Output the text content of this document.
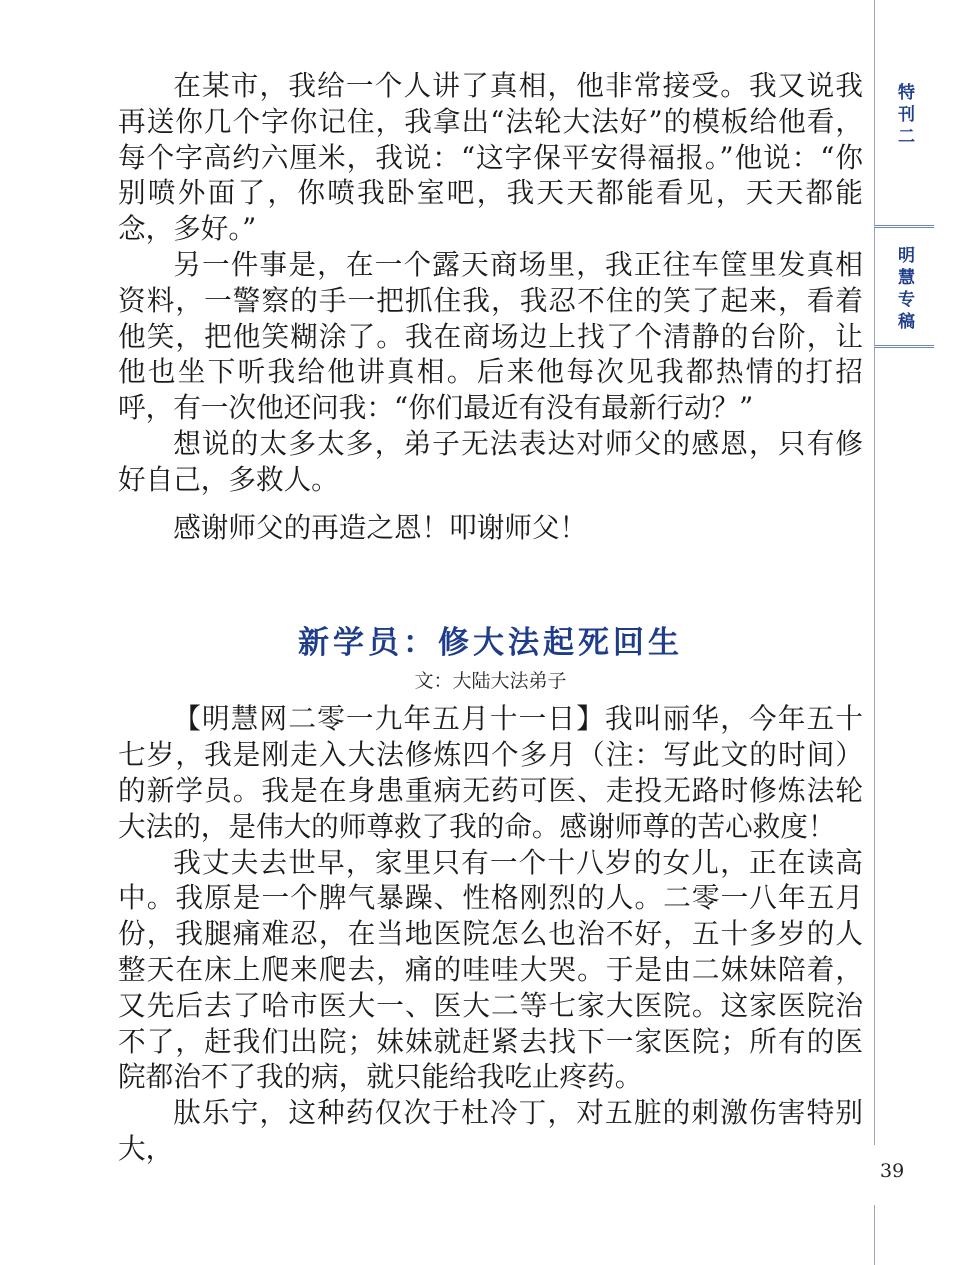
特刊二
明慧专稿
39

在某市，我给一个人讲了真相，他非常接受。我又说我再送你几个字你记住，我拿出“法轮大法好”的模板给他看，每个字高约六厘米，我说：“这字保平安得福报。”他说：“你别喷外面了，你喷我卧室吧，我天天都能看见，天天都能念，多好。”

另一件事是，在一个露天商场里，我正往车筐里发真相资料，一警察的手一把抓住我，我忍不住的笑了起来，看着他笑，把他笑糊涂了。我在商场边上找了个清静的台阶，让他也坐下听我给他讲真相。后来他每次见我都热情的打招呼，有一次他还问我：“你们最近有没有最新行动？”

想说的太多太多，弟子无法表达对师父的感恩，只有修好自己，多救人。

感谢师父的再造之恩！叩谢师父！

新学员：修大法起死回生
文：大陆大法弟子

【明慧网二零一九年五月十一日】我叫丽华，今年五十七岁，我是刚走入大法修炼四个多月（注：写此文的时间）的新学员。我是在身患重病无药可医、走投无路时修炼法轮大法的，是伟大的师尊救了我的命。感谢师尊的苦心救度！

我丈夫去世早，家里只有一个十八岁的女儿，正在读高中。我原是一个脾气暴躁、性格刚烈的人。二零一八年五月份，我腿痛难忍，在当地医院怎么也治不好，五十多岁的人整天在床上爬来爬去，痛的哇哇大哭。于是由二妹妹陪着，又先后去了哈市医大一、医大二等七家大医院。这家医院治不了，赶我们出院；妹妹就赶紧去找下一家医院；所有的医院都治不了我的病，就只能给我吃止疼药。

肽乐宁，这种药仅次于杜冷丁，对五脏的刺激伤害特别大，
